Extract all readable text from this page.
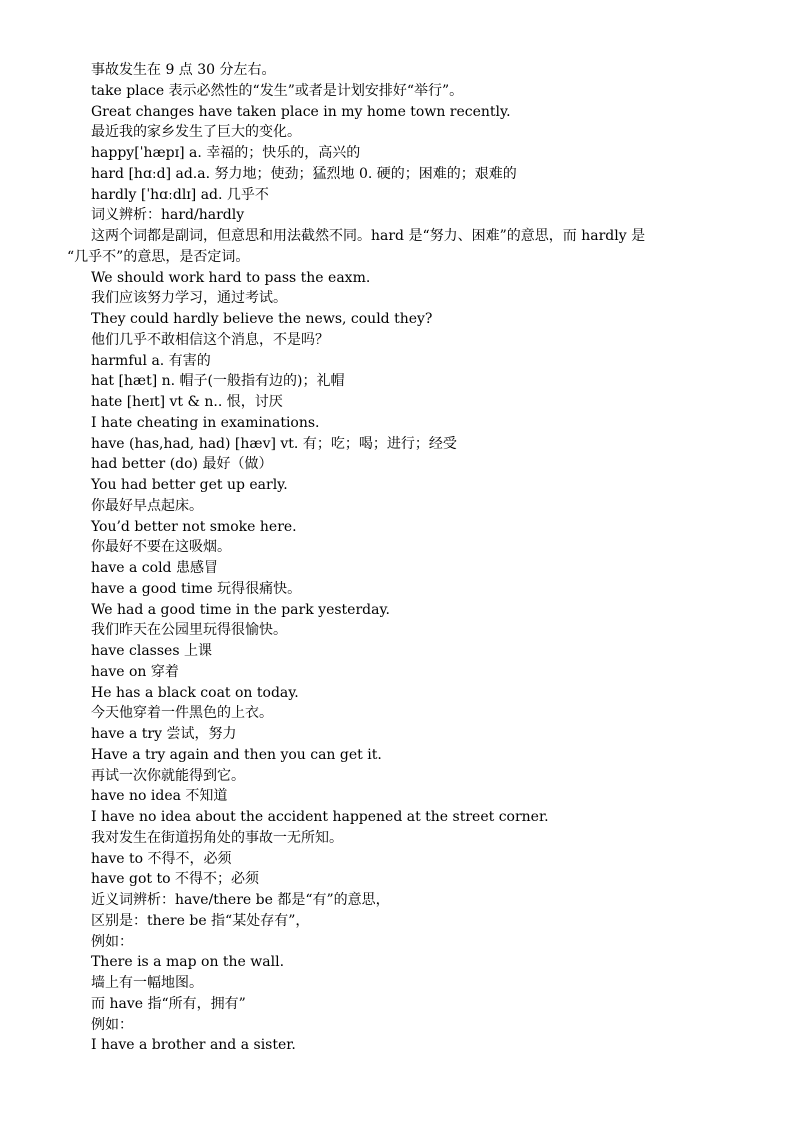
事故发生在 9 点 30 分左右。
take place 表示必然性的“发生”或者是计划安排好“举行”。
Great changes have taken place in my home town recently.
最近我的家乡发生了巨大的变化。
happy[ˈhæpɪ] a. 幸福的；快乐的，高兴的
hard [hɑːd] ad.a. 努力地；使劲；猛烈地 0. 硬的；困难的；艰难的
hardly [ˈhɑːdlɪ] ad. 几乎不
词义辨析：hard/hardly
这两个词都是副词，但意思和用法截然不同。hard 是“努力、困难”的意思，而 hardly 是
“几乎不”的意思，是否定词。
We should work hard to pass the eaxm.
我们应该努力学习，通过考试。
They could hardly believe the news, could they?
他们几乎不敢相信这个消息，不是吗？
harmful a. 有害的
hat [hæt] n. 帽子(一般指有边的)；礼帽
hate [heɪt] vt & n.. 恨，讨厌
I hate cheating in examinations.
have (has,had, had) [hæv] vt. 有；吃；喝；进行；经受
had better (do) 最好（做）
You had better get up early.
你最好早点起床。
You’d better not smoke here.
你最好不要在这吸烟。
have a cold 患感冒
have a good time 玩得很痛快。
We had a good time in the park yesterday.
我们昨天在公园里玩得很愉快。
have classes 上课
have on 穿着
He has a black coat on today.
今天他穿着一件黑色的上衣。
have a try 尝试，努力
Have a try again and then you can get it.
再试一次你就能得到它。
have no idea 不知道
I have no idea about the accident happened at the street corner.
我对发生在街道拐角处的事故一无所知。
have to 不得不，必须
have got to 不得不；必须
近义词辨析：have/there be 都是“有”的意思，
区别是：there be 指“某处存有”，
例如：
There is a map on the wall.
墙上有一幅地图。
而 have 指“所有，拥有”
例如：
I have a brother and a sister.
